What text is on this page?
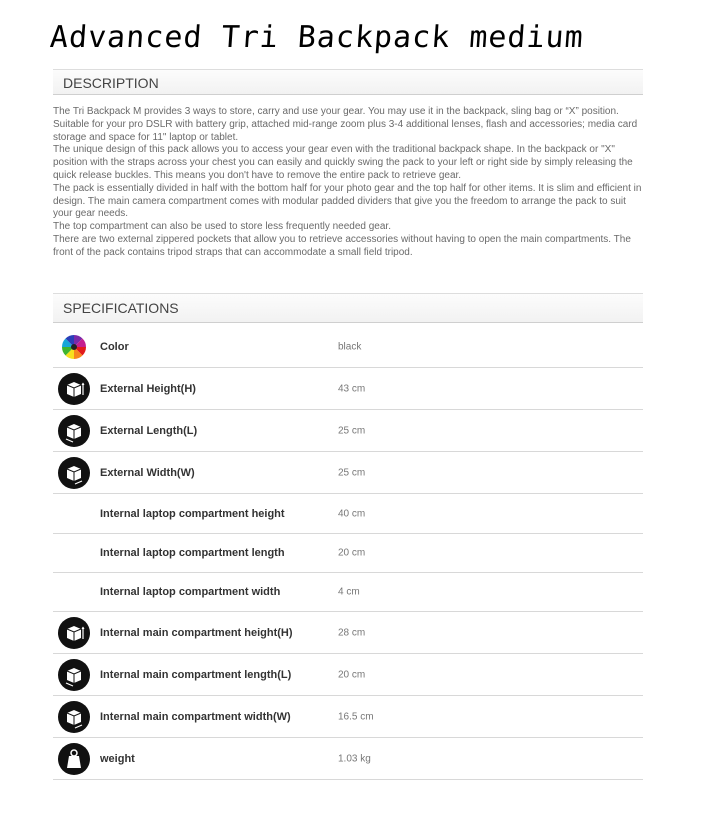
Advanced Tri Backpack medium
DESCRIPTION

The Tri Backpack M provides 3 ways to store, carry and use your gear. You may use it in the backpack, sling bag or “X” position. Suitable for your pro DSLR with battery grip, attached mid-range zoom plus 3-4 additional lenses, flash and accessories; media card storage and space for 11" laptop or tablet.

The unique design of this pack allows you to access your gear even with the traditional backpack shape. In the backpack or "X" position with the straps across your chest you can easily and quickly swing the pack to your left or right side by simply releasing the quick release buckles. This means you don't have to remove the entire pack to retrieve gear.

The pack is essentially divided in half with the bottom half for your photo gear and the top half for other items. It is slim and efficient in design. The main camera compartment comes with modular padded dividers that give you the freedom to arrange the pack to suit your gear needs.

The top compartment can also be used to store less frequently needed gear.

There are two external zippered pockets that allow you to retrieve accessories without having to open the main compartments. The front of the pack contains tripod straps that can accommodate a small field tripod.

SPECIFICATIONS
Color	black
External Height(H)	43 cm
External Length(L)	25 cm
External Width(W)	25 cm
Internal laptop compartment height	40 cm
Internal laptop compartment length	20 cm
Internal laptop compartment width	4 cm
Internal main compartment height(H)	28 cm
Internal main compartment length(L)	20 cm
Internal main compartment width(W)	16.5 cm
weight	1.03 kg
